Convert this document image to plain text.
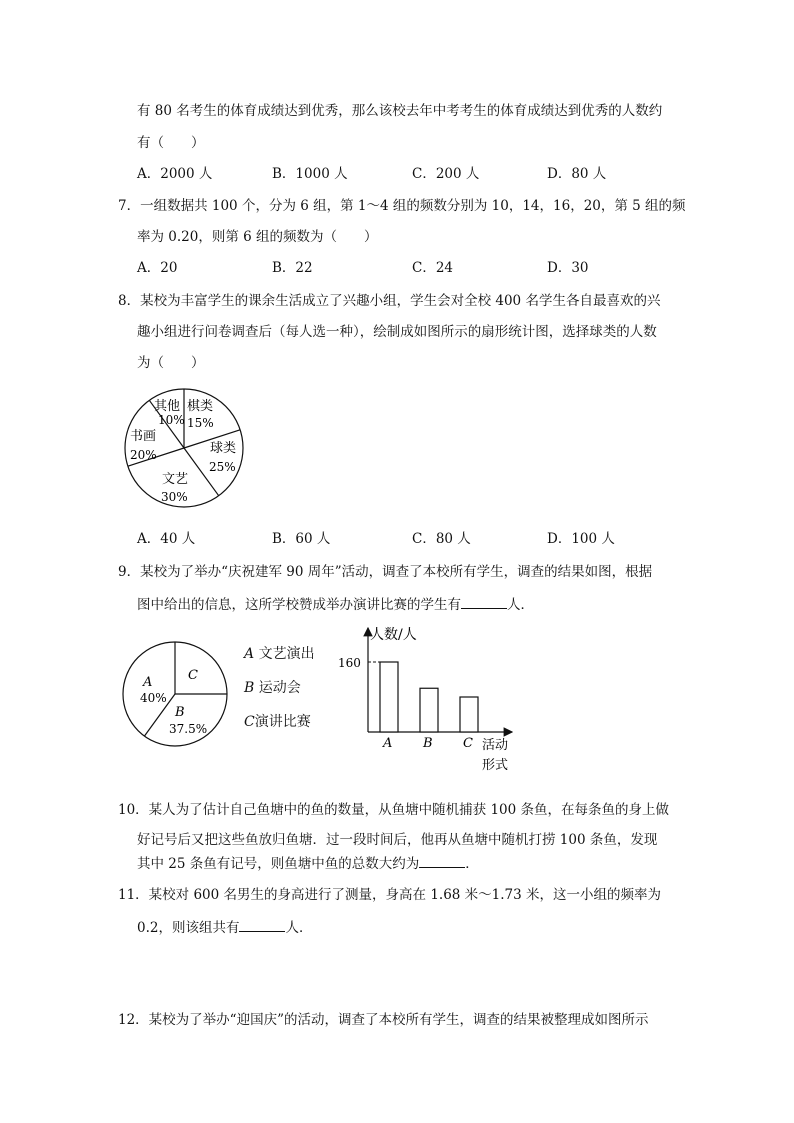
有 80 名考生的体育成绩达到优秀，那么该校去年中考考生的体育成绩达到优秀的人数约
有（　　）
A．2000 人	B．1000 人	C．200 人	D．80 人
7．一组数据共 100 个，分为 6 组，第 1～4 组的频数分别为 10，14，16，20，第 5 组的频
率为 0.20，则第 6 组的频数为（　　）
A．20	B．22	C．24	D．30
8．某校为丰富学生的课余生活成立了兴趣小组，学生会对全校 400 名学生各自最喜欢的兴
趣小组进行问卷调查后（每人选一种），绘制成如图所示的扇形统计图，选择球类的人数
为（　　）
其他
10%
棋类
15%
球类
25%
文艺
30%
书画
20%
A．40 人	B．60 人	C．80 人	D．100 人
9．某校为了举办“庆祝建军 90 周年”活动，调查了本校所有学生，调查的结果如图，根据
图中给出的信息，这所学校赞成举办演讲比赛的学生有	人．
A
40%
C
B
37.5%
A 文艺演出
B 运动会
C演讲比赛
人数/人
160
A B C 活动
形式
10．某人为了估计自己鱼塘中的鱼的数量，从鱼塘中随机捕获 100 条鱼，在每条鱼的身上做
好记号后又把这些鱼放归鱼塘．过一段时间后，他再从鱼塘中随机打捞 100 条鱼，发现
其中 25 条鱼有记号，则鱼塘中鱼的总数大约为	．
11．某校对 600 名男生的身高进行了测量，身高在 1.68 米～1.73 米，这一小组的频率为
0.2，则该组共有	人．
12．某校为了举办“迎国庆”的活动，调查了本校所有学生，调查的结果被整理成如图所示
